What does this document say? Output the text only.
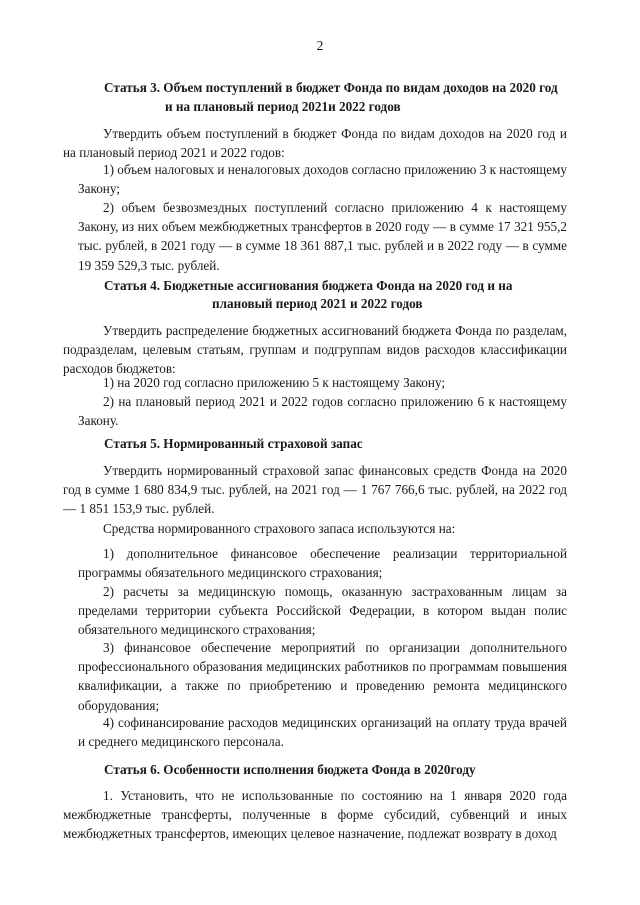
2
Статья 3. Объем поступлений в бюджет Фонда по видам доходов на 2020 год
и на плановый период 2021и 2022 годов
Утвердить объем поступлений в бюджет Фонда по видам доходов на 2020 год и на плановый период 2021 и 2022 годов:
1) объем налоговых и неналоговых доходов согласно приложению 3 к настоящему Закону;
2) объем безвозмездных поступлений согласно приложению 4 к настоящему Закону, из них объем межбюджетных трансфертов в 2020 году — в сумме 17 321 955,2 тыс. рублей, в 2021 году — в сумме 18 361 887,1 тыс. рублей и в 2022 году — в сумме 19 359 529,3 тыс. рублей.
Статья 4. Бюджетные ассигнования бюджета Фонда на 2020 год и на
плановый период 2021 и 2022 годов
Утвердить распределение бюджетных ассигнований бюджета Фонда по разделам, подразделам, целевым статьям, группам и подгруппам видов расходов классификации расходов бюджетов:
1) на 2020 год согласно приложению 5 к настоящему Закону;
2) на плановый период 2021 и 2022 годов согласно приложению 6 к настоящему Закону.
Статья 5. Нормированный страховой запас
Утвердить нормированный страховой запас финансовых средств Фонда на 2020 год в сумме 1 680 834,9 тыс. рублей, на 2021 год — 1 767 766,6 тыс. рублей, на 2022 год — 1 851 153,9 тыс. рублей.
Средства нормированного страхового запаса используются на:
1) дополнительное финансовое обеспечение реализации территориальной программы обязательного медицинского страхования;
2) расчеты за медицинскую помощь, оказанную застрахованным лицам за пределами территории субъекта Российской Федерации, в котором выдан полис обязательного медицинского страхования;
3) финансовое обеспечение мероприятий по организации дополнительного профессионального образования медицинских работников по программам повышения квалификации, а также по приобретению и проведению ремонта медицинского оборудования;
4) софинансирование расходов медицинских организаций на оплату труда врачей и среднего медицинского персонала.
Статья 6. Особенности исполнения бюджета Фонда в 2020году
1. Установить, что не использованные по состоянию на 1 января 2020 года межбюджетные трансферты, полученные в форме субсидий, субвенций и иных межбюджетных трансфертов, имеющих целевое назначение, подлежат возврату в доход
